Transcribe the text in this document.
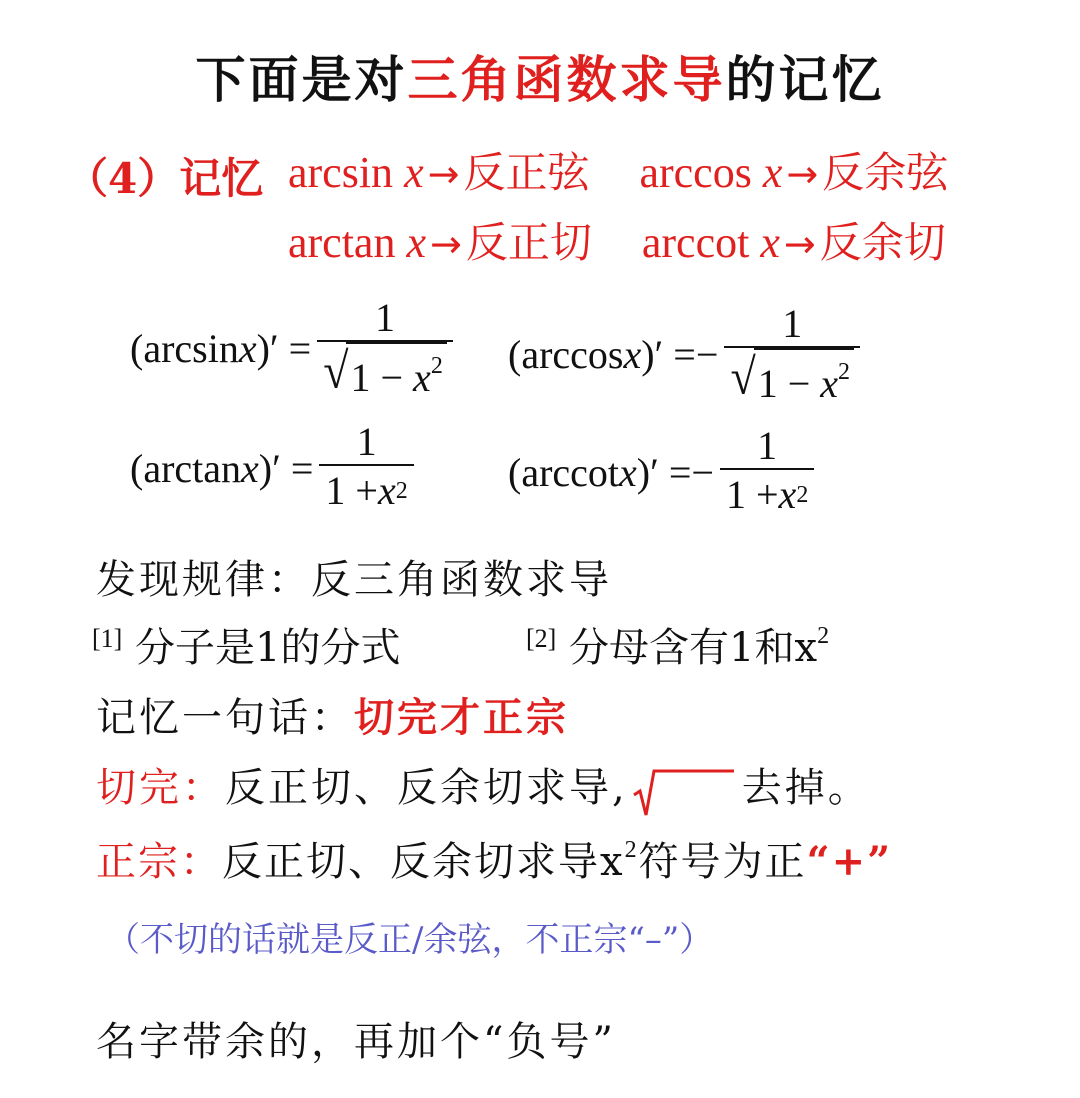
下面是对三角函数求导的记忆
（4）记忆 arcsin x →反正弦 arccos x →反余弦
arctan x →反正切 arccot x →反余切
(arcsin x )′ = $\frac{1}{√ 1 - x^2} (\arccos$ x )′ = − $\frac{1}{√ 1 - x^2}$
(arctan x )′ = $\frac{1}{1 + x 2} (arccot$ x )′ = − $\frac{1}{1 + x 2}$
发现规律：反三角函数求导
[1] 分子是1的分式	[2] 分母含有1和$x^2$
记忆一句话：切完才正宗
切完：反正切、反余切求导,	去掉。
正宗：反正切、反余切求导$x^2$符号为正“+”
（不切的话就是反正/余弦，不正宗“–”）
名字带余的，再加个“负号”
